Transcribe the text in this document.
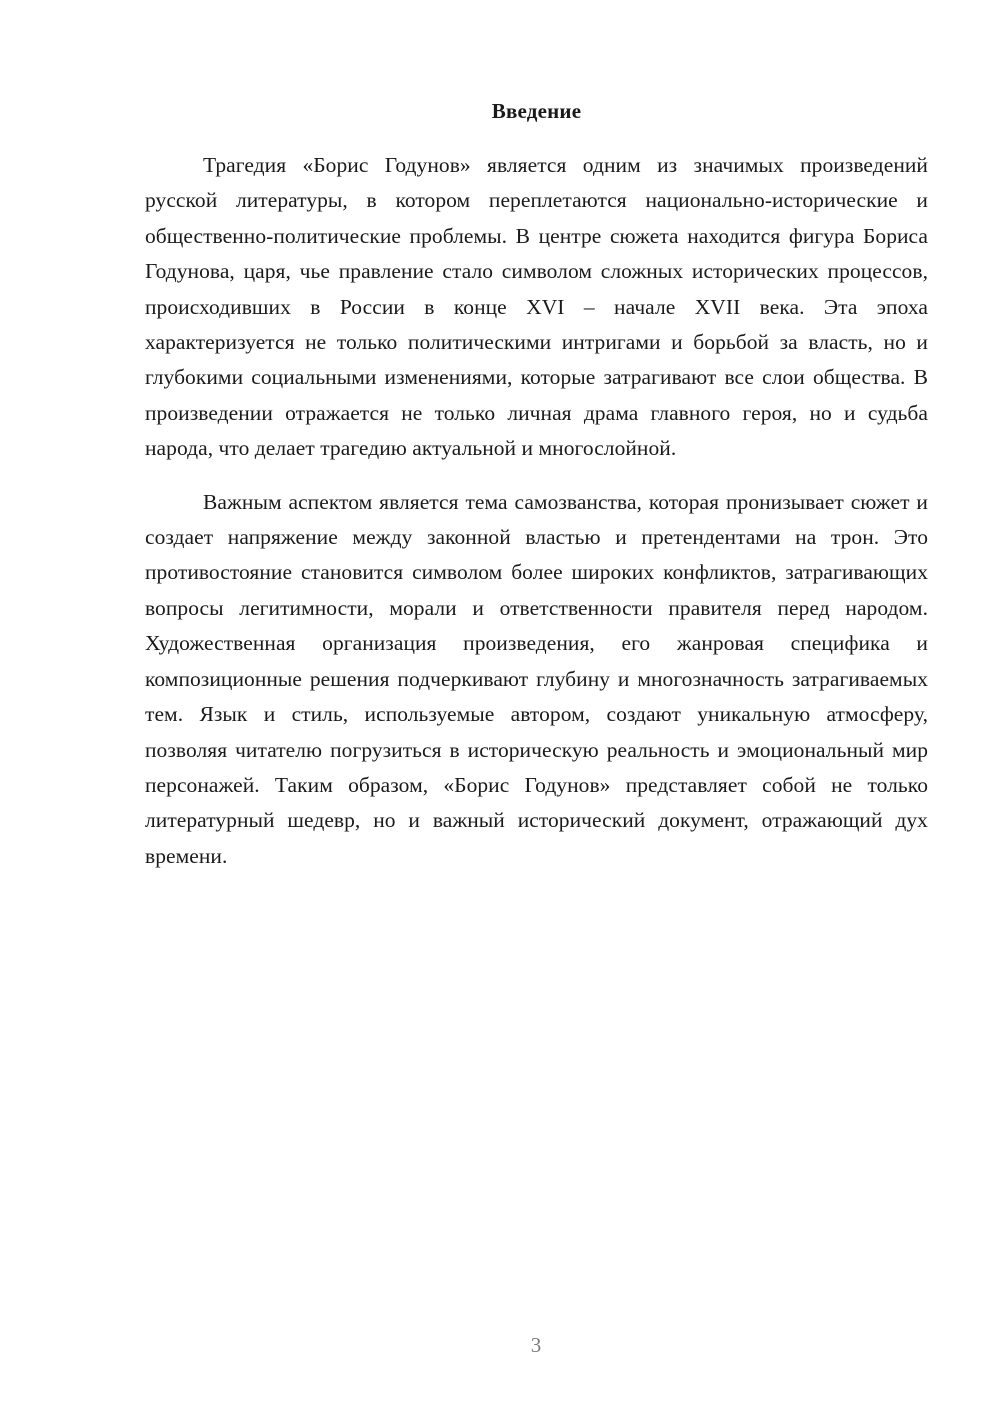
Введение

Трагедия «Борис Годунов» является одним из значимых произведений русской литературы, в котором переплетаются национально-исторические и общественно-политические проблемы. В центре сюжета находится фигура Бориса Годунова, царя, чье правление стало символом сложных исторических процессов, происходивших в России в конце XVI – начале XVII века. Эта эпоха характеризуется не только политическими интригами и борьбой за власть, но и глубокими социальными изменениями, которые затрагивают все слои общества. В произведении отражается не только личная драма главного героя, но и судьба народа, что делает трагедию актуальной и многослойной.

Важным аспектом является тема самозванства, которая пронизывает сюжет и создает напряжение между законной властью и претендентами на трон. Это противостояние становится символом более широких конфликтов, затрагивающих вопросы легитимности, морали и ответственности правителя перед народом. Художественная организация произведения, его жанровая специфика и композиционные решения подчеркивают глубину и многозначность затрагиваемых тем. Язык и стиль, используемые автором, создают уникальную атмосферу, позволяя читателю погрузиться в историческую реальность и эмоциональный мир персонажей. Таким образом, «Борис Годунов» представляет собой не только литературный шедевр, но и важный исторический документ, отражающий дух времени.

3
